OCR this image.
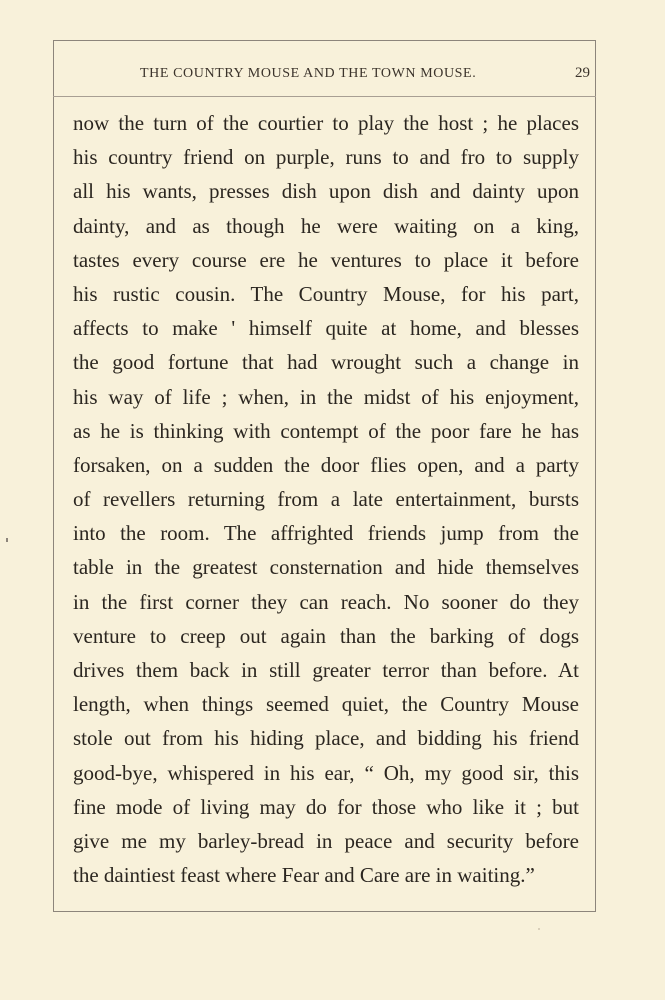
THE COUNTRY MOUSE AND THE TOWN MOUSE.	29
now the turn of the courtier to play the host ; he places
his country friend on purple, runs to and fro to supply
all his wants, presses dish upon dish and dainty upon
dainty, and as though he were waiting on a king,
tastes every course ere he ventures to place it before
his rustic cousin. The Country Mouse, for his part,
affects to make ' himself quite at home, and blesses
the good fortune that had wrought such a change in
his way of life ; when, in the midst of his enjoyment,
as he is thinking with contempt of the poor fare he has
forsaken, on a sudden the door flies open, and a party
of revellers returning from a late entertainment, bursts
into the room. The affrighted friends jump from the
table in the greatest consternation and hide themselves
in the first corner they can reach. No sooner do they
venture to creep out again than the barking of dogs
drives them back in still greater terror than before. At
length, when things seemed quiet, the Country Mouse
stole out from his hiding place, and bidding his friend
good-bye, whispered in his ear, “ Oh, my good sir, this
fine mode of living may do for those who like it ; but
give me my barley-bread in peace and security before
the daintiest feast where Fear and Care are in waiting.”
